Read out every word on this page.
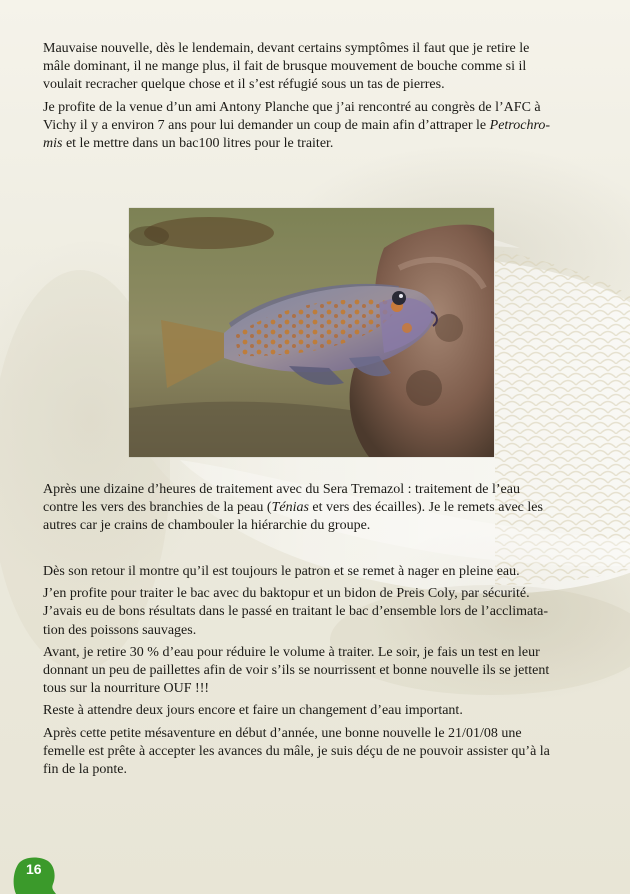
Mauvaise nouvelle, dès le lendemain, devant certains symptômes il faut que je retire le
mâle dominant, il ne mange plus, il fait de brusque mouvement de bouche comme si il
voulait recracher quelque chose et il s’est réfugié sous un tas de pierres.

Je profite de la venue d’un ami Antony Planche que j’ai rencontré au congrès de l’AFC à
Vichy il y a environ 7 ans pour lui demander un coup de main afin d’attraper le Petrochro-
mis et le mettre dans un bac100 litres pour le traiter.

Après une dizaine d’heures de traitement avec du Sera Tremazol : traitement de l’eau
contre les vers des branchies de la peau (Ténias et vers des écailles). Je le remets avec les
autres car je crains de chambouler la hiérarchie du groupe.

Dès son retour il montre qu’il est toujours le patron et se remet à nager en pleine eau.

J’en profite pour traiter le bac avec du baktopur et un bidon de Preis Coly, par sécurité.
J’avais eu de bons résultats dans le passé en traitant le bac d’ensemble lors de l’acclimata-
tion des poissons sauvages.

Avant, je retire 30 % d’eau pour réduire le volume à traiter. Le soir, je fais un test en leur
donnant un peu de paillettes afin de voir s’ils se nourrissent et bonne nouvelle ils se jettent
tous sur la nourriture OUF !!!

Reste à attendre deux jours encore et faire un changement d’eau important.

Après cette petite mésaventure en début d’année, une bonne nouvelle le 21/01/08 une
femelle est prête à accepter les avances du mâle, je suis déçu de ne pouvoir assister qu’à la
fin de la ponte.

16
